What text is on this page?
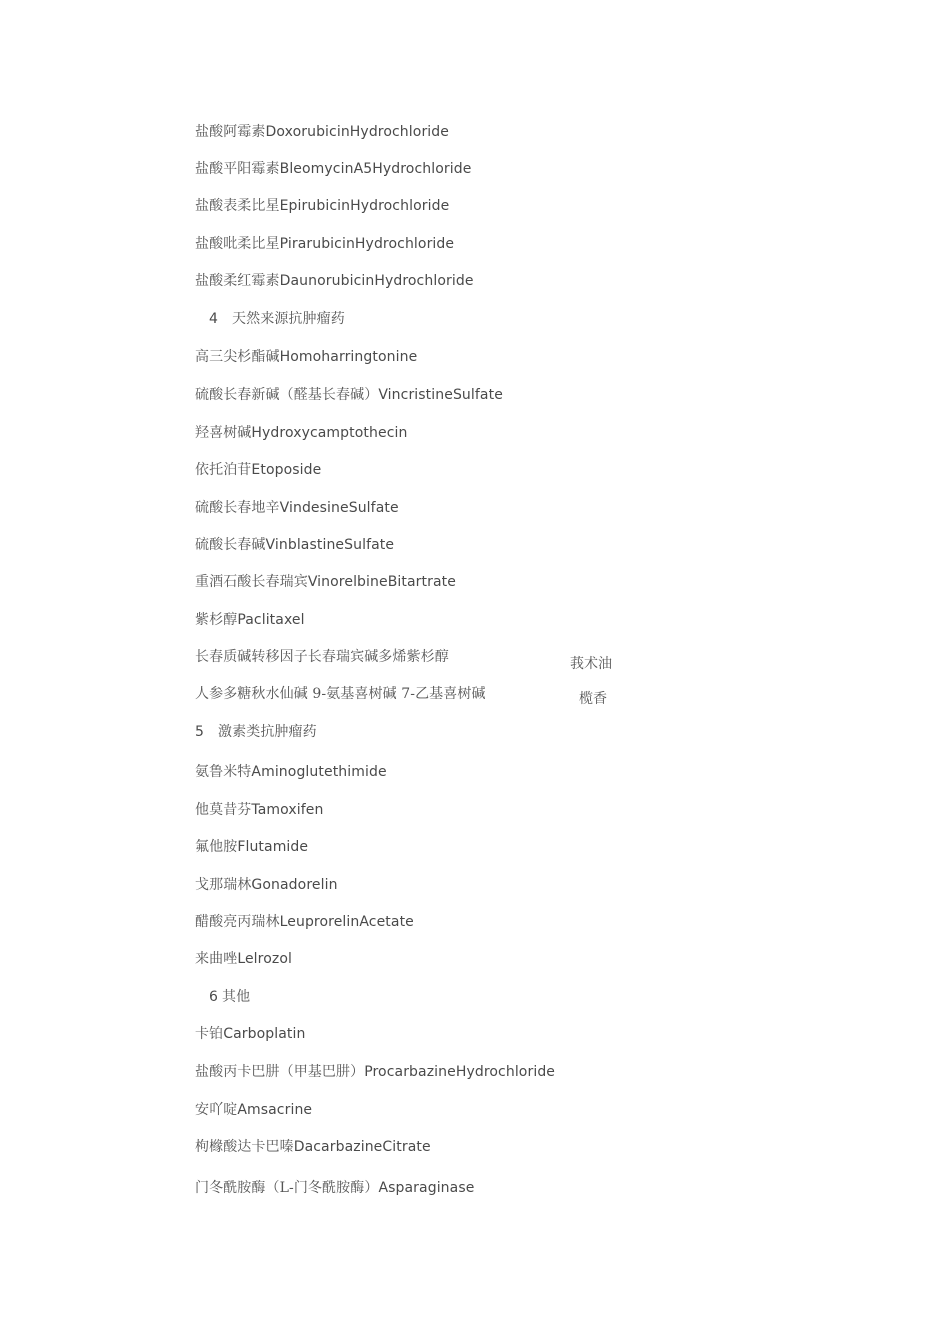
盐酸阿霉素DoxorubicinHydrochloride
盐酸平阳霉素BleomycinA5Hydrochloride
盐酸表柔比星EpirubicinHydrochloride
盐酸吡柔比星PirarubicinHydrochloride
盐酸柔红霉素DaunorubicinHydrochloride
4 天然来源抗肿瘤药
高三尖杉酯碱Homoharringtonine
硫酸长春新碱（醛基长春碱）VincristineSulfate
羟喜树碱Hydroxycamptothecin
依托泊苷Etoposide
硫酸长春地辛VindesineSulfate
硫酸长春碱VinblastineSulfate
重酒石酸长春瑞宾VinorelbineBitartrate
紫杉醇Paclitaxel
长春质碱转移因子长春瑞宾碱多烯紫杉醇
人参多糖秋水仙碱 9-氨基喜树碱 7-乙基喜树碱
莪术油
榄香
5 激素类抗肿瘤药
氨鲁米特Aminoglutethimide
他莫昔芬Tamoxifen
氟他胺Flutamide
戈那瑞林Gonadorelin
醋酸亮丙瑞林LeuprorelinAcetate
来曲唑Lelrozol
6 其他
卡铂Carboplatin
盐酸丙卡巴肼（甲基巴肼）ProcarbazineHydrochloride
安吖啶Amsacrine
枸橼酸达卡巴嗪DacarbazineCitrate
门冬酰胺酶（L-门冬酰胺酶）Asparaginase
